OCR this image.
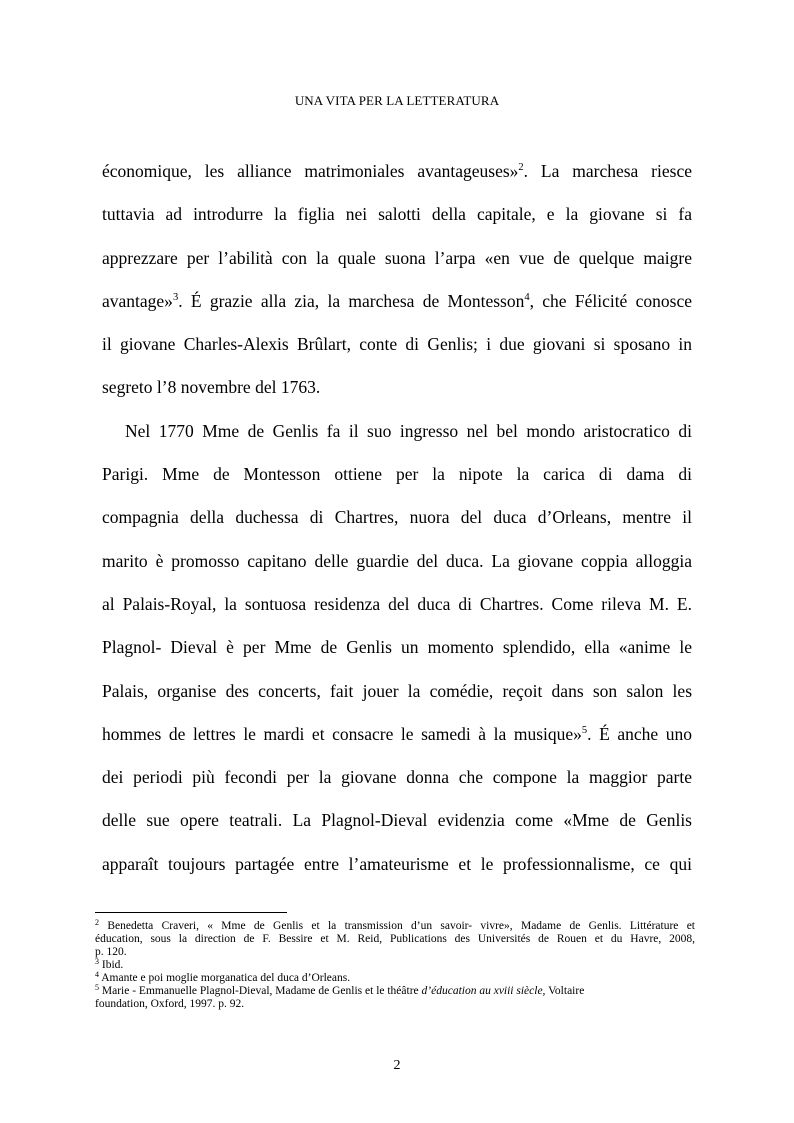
UNA VITA PER LA LETTERATURA
économique, les alliance matrimoniales avantageuses»$^2$. La marchesa riesce
tuttavia ad introdurre la figlia nei salotti della capitale, e la giovane si fa
apprezzare per l’abilità con la quale suona l’arpa «en vue de quelque maigre
avantage»$^3$. É grazie alla zia, la marchesa de Montesson$^4$, che Félicité conosce
il giovane Charles-Alexis Brûlart, conte di Genlis; i due giovani si sposano in
segreto l’8 novembre del 1763.
Nel 1770 Mme de Genlis fa il suo ingresso nel bel mondo aristocratico di
Parigi. Mme de Montesson ottiene per la nipote la carica di dama di
compagnia della duchessa di Chartres, nuora del duca d’Orleans, mentre il
marito è promosso capitano delle guardie del duca. La giovane coppia alloggia
al Palais-Royal, la sontuosa residenza del duca di Chartres. Come rileva M. E.
Plagnol- Dieval è per Mme de Genlis un momento splendido, ella «anime le
Palais, organise des concerts, fait jouer la comédie, reçoit dans son salon les
hommes de lettres le mardi et consacre le samedi à la musique»$^5$. É anche uno
dei periodi più fecondi per la giovane donna che compone la maggior parte
delle sue opere teatrali. La Plagnol-Dieval evidenzia come «Mme de Genlis
apparaît toujours partagée entre l’amateurisme et le professionnalisme, ce qui
$^2$ Benedetta Craveri, « Mme de Genlis et la transmission d’un savoir- vivre», Madame de Genlis. Littérature et
éducation, sous la direction de F. Bessire et M. Reid, Publications des Universités de Rouen et du Havre, 2008,
p. 120.
$^3$ Ibid.
$^4$ Amante e poi moglie morganatica del duca d’Orleans.
$^5$ Marie - Emmanuelle Plagnol-Dieval, Madame de Genlis et le théâtre d’éducation au xviii siècle, Voltaire
foundation, Oxford, 1997. p. 92.
2
